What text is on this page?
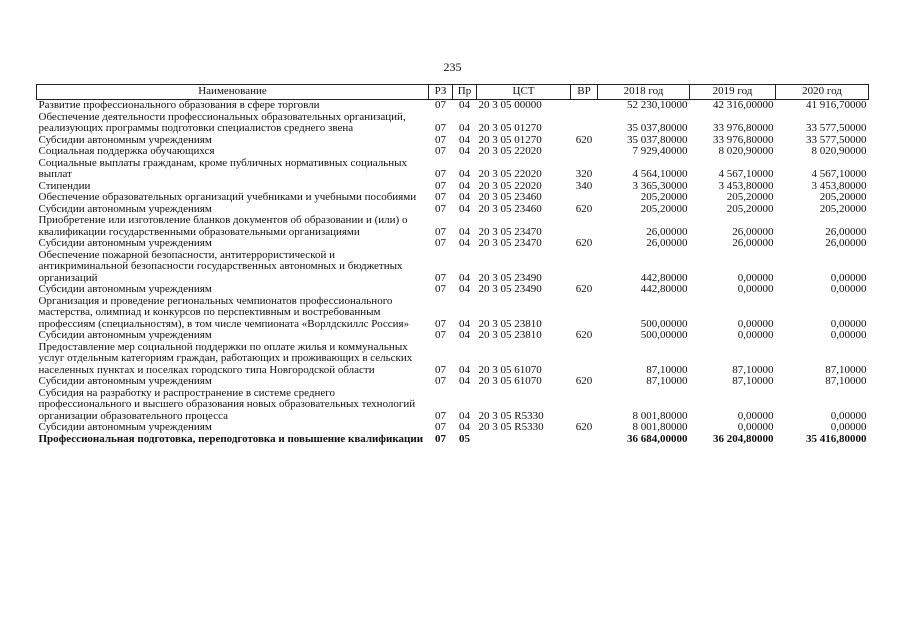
235
Наименование	РЗ	Пр	ЦСТ	ВР	2018 год	2019 год	2020 год
Развитие профессионального образования в сфере торговли	07	04	20 3 05 00000		52 230,10000	42 316,00000	41 916,70000
Обеспечение деятельности профессиональных образовательных организаций, реализующих программы подготовки специалистов среднего звена	07	04	20 3 05 01270		35 037,80000	33 976,80000	33 577,50000
Субсидии автономным учреждениям	07	04	20 3 05 01270	620	35 037,80000	33 976,80000	33 577,50000
Социальная поддержка обучающихся	07	04	20 3 05 22020		7 929,40000	8 020,90000	8 020,90000
Социальные выплаты гражданам, кроме публичных нормативных социальных выплат	07	04	20 3 05 22020	320	4 564,10000	4 567,10000	4 567,10000
Стипендии	07	04	20 3 05 22020	340	3 365,30000	3 453,80000	3 453,80000
Обеспечение образовательных организаций учебниками и учебными пособиями	07	04	20 3 05 23460		205,20000	205,20000	205,20000
Субсидии автономным учреждениям	07	04	20 3 05 23460	620	205,20000	205,20000	205,20000
Приобретение или изготовление бланков документов об образовании и (или) о квалификации государственными образовательными организациями	07	04	20 3 05 23470		26,00000	26,00000	26,00000
Субсидии автономным учреждениям	07	04	20 3 05 23470	620	26,00000	26,00000	26,00000
Обеспечение пожарной безопасности, антитеррористической и антикриминальной безопасности государственных автономных и бюджетных организаций	07	04	20 3 05 23490		442,80000	0,00000	0,00000
Субсидии автономным учреждениям	07	04	20 3 05 23490	620	442,80000	0,00000	0,00000
Организация и проведение региональных чемпионатов профессионального мастерства, олимпиад и конкурсов по перспективным и востребованным профессиям (специальностям), в том числе чемпионата «Ворлдскиллс Россия»	07	04	20 3 05 23810		500,00000	0,00000	0,00000
Субсидии автономным учреждениям	07	04	20 3 05 23810	620	500,00000	0,00000	0,00000
Предоставление мер социальной поддержки по оплате жилья и коммунальных услуг отдельным категориям граждан, работающих и проживающих в сельских населенных пунктах и поселках городского типа Новгородской области	07	04	20 3 05 61070		87,10000	87,10000	87,10000
Субсидии автономным учреждениям	07	04	20 3 05 61070	620	87,10000	87,10000	87,10000
Субсидия на разработку и распространение в системе среднего профессионального и высшего образования новых образовательных технологий организации образовательного процесса	07	04	20 3 05 R5330		8 001,80000	0,00000	0,00000
Субсидии автономным учреждениям	07	04	20 3 05 R5330	620	8 001,80000	0,00000	0,00000
Профессиональная подготовка, переподготовка и повышение квалификации	07	05			36 684,00000	36 204,80000	35 416,80000
